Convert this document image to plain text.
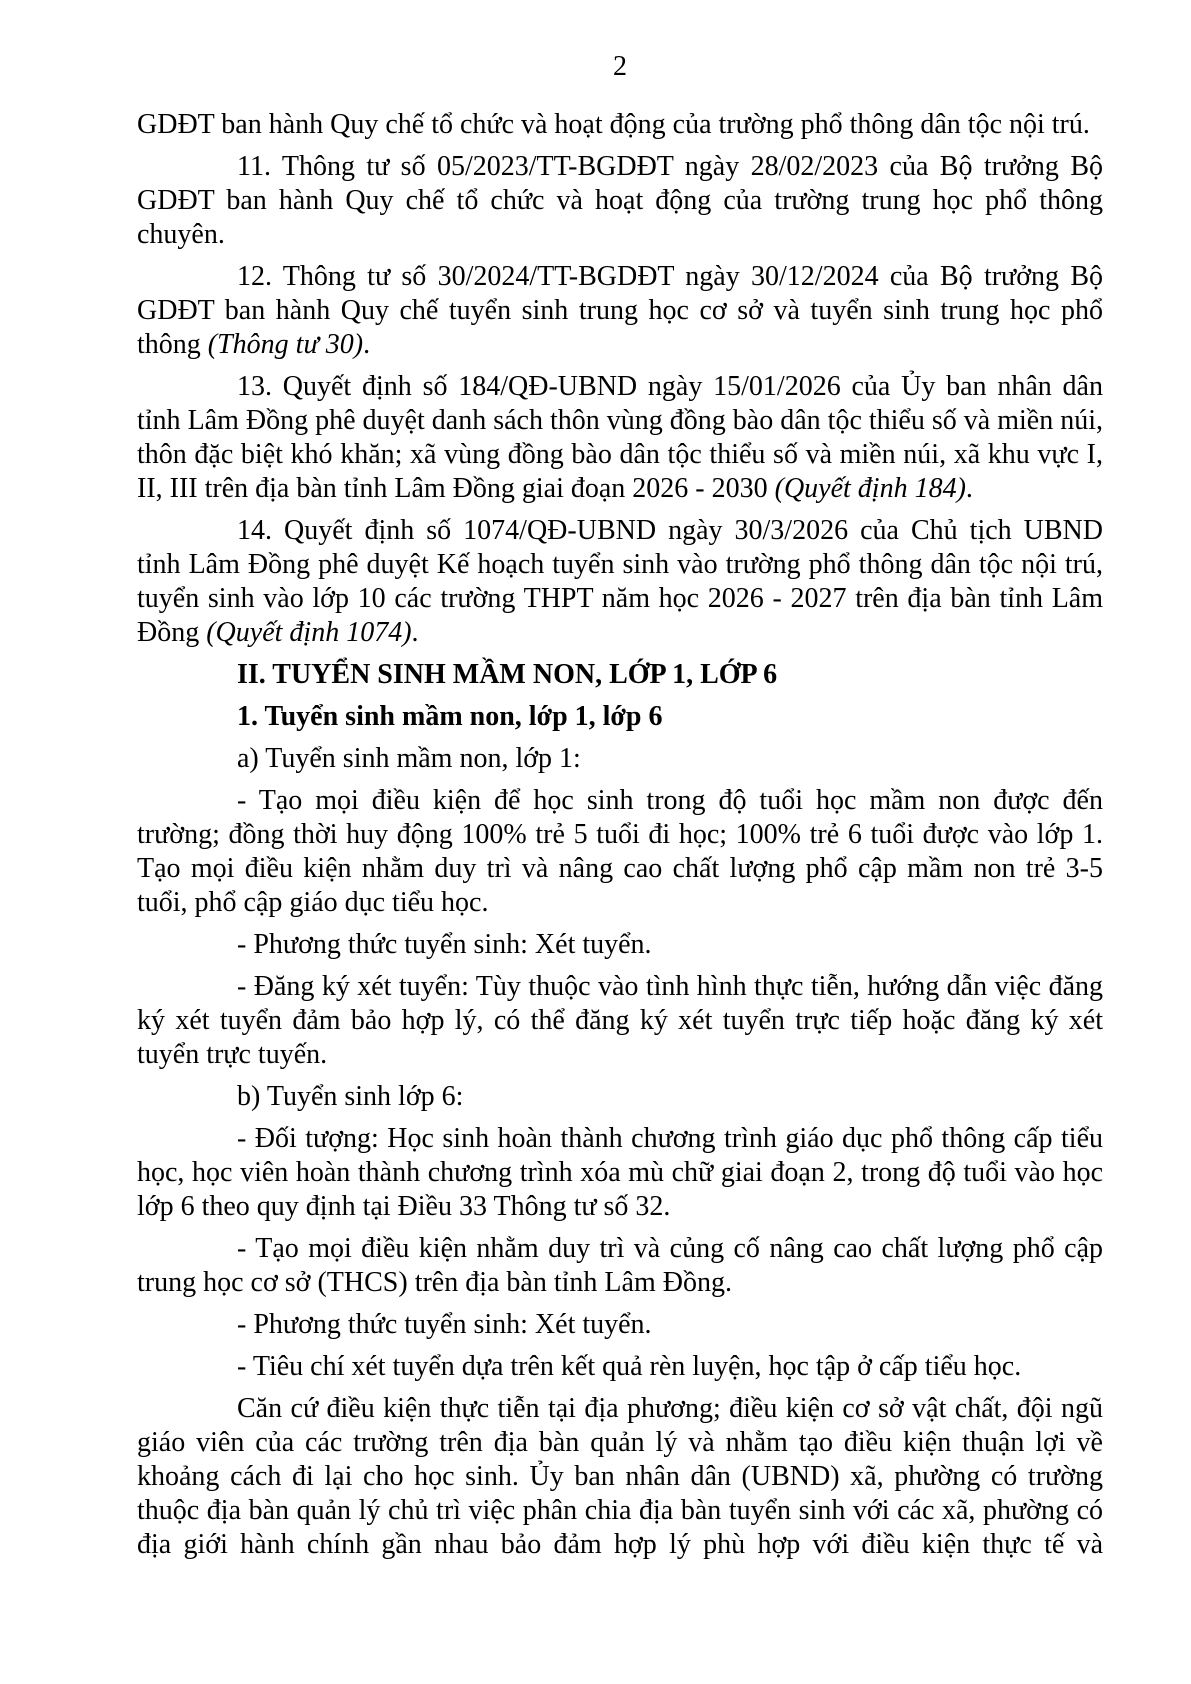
2

GDĐT ban hành Quy chế tổ chức và hoạt động của trường phổ thông dân tộc nội trú.

11. Thông tư số 05/2023/TT-BGDĐT ngày 28/02/2023 của Bộ trưởng Bộ GDĐT ban hành Quy chế tổ chức và hoạt động của trường trung học phổ thông chuyên.

12. Thông tư số 30/2024/TT-BGDĐT ngày 30/12/2024 của Bộ trưởng Bộ GDĐT ban hành Quy chế tuyển sinh trung học cơ sở và tuyển sinh trung học phổ thông (Thông tư 30).

13. Quyết định số 184/QĐ-UBND ngày 15/01/2026 của Ủy ban nhân dân tỉnh Lâm Đồng phê duyệt danh sách thôn vùng đồng bào dân tộc thiểu số và miền núi, thôn đặc biệt khó khăn; xã vùng đồng bào dân tộc thiểu số và miền núi, xã khu vực I, II, III trên địa bàn tỉnh Lâm Đồng giai đoạn 2026 - 2030 (Quyết định 184).

14. Quyết định số 1074/QĐ-UBND ngày 30/3/2026 của Chủ tịch UBND tỉnh Lâm Đồng phê duyệt Kế hoạch tuyển sinh vào trường phổ thông dân tộc nội trú, tuyển sinh vào lớp 10 các trường THPT năm học 2026 - 2027 trên địa bàn tỉnh Lâm Đồng (Quyết định 1074).

II. TUYỂN SINH MẦM NON, LỚP 1, LỚP 6

1. Tuyển sinh mầm non, lớp 1, lớp 6

a) Tuyển sinh mầm non, lớp 1:

- Tạo mọi điều kiện để học sinh trong độ tuổi học mầm non được đến trường; đồng thời huy động 100% trẻ 5 tuổi đi học; 100% trẻ 6 tuổi được vào lớp 1. Tạo mọi điều kiện nhằm duy trì và nâng cao chất lượng phổ cập mầm non trẻ 3-5 tuổi, phổ cập giáo dục tiểu học.

- Phương thức tuyển sinh: Xét tuyển.

- Đăng ký xét tuyển: Tùy thuộc vào tình hình thực tiễn, hướng dẫn việc đăng ký xét tuyển đảm bảo hợp lý, có thể đăng ký xét tuyển trực tiếp hoặc đăng ký xét tuyển trực tuyến.

b) Tuyển sinh lớp 6:

- Đối tượng: Học sinh hoàn thành chương trình giáo dục phổ thông cấp tiểu học, học viên hoàn thành chương trình xóa mù chữ giai đoạn 2, trong độ tuổi vào học lớp 6 theo quy định tại Điều 33 Thông tư số 32.

- Tạo mọi điều kiện nhằm duy trì và củng cố nâng cao chất lượng phổ cập trung học cơ sở (THCS) trên địa bàn tỉnh Lâm Đồng.

- Phương thức tuyển sinh: Xét tuyển.

- Tiêu chí xét tuyển dựa trên kết quả rèn luyện, học tập ở cấp tiểu học.

Căn cứ điều kiện thực tiễn tại địa phương; điều kiện cơ sở vật chất, đội ngũ giáo viên của các trường trên địa bàn quản lý và nhằm tạo điều kiện thuận lợi về khoảng cách đi lại cho học sinh. Ủy ban nhân dân (UBND) xã, phường có trường thuộc địa bàn quản lý chủ trì việc phân chia địa bàn tuyển sinh với các xã, phường có địa giới hành chính gần nhau bảo đảm hợp lý phù hợp với điều kiện thực tế và
